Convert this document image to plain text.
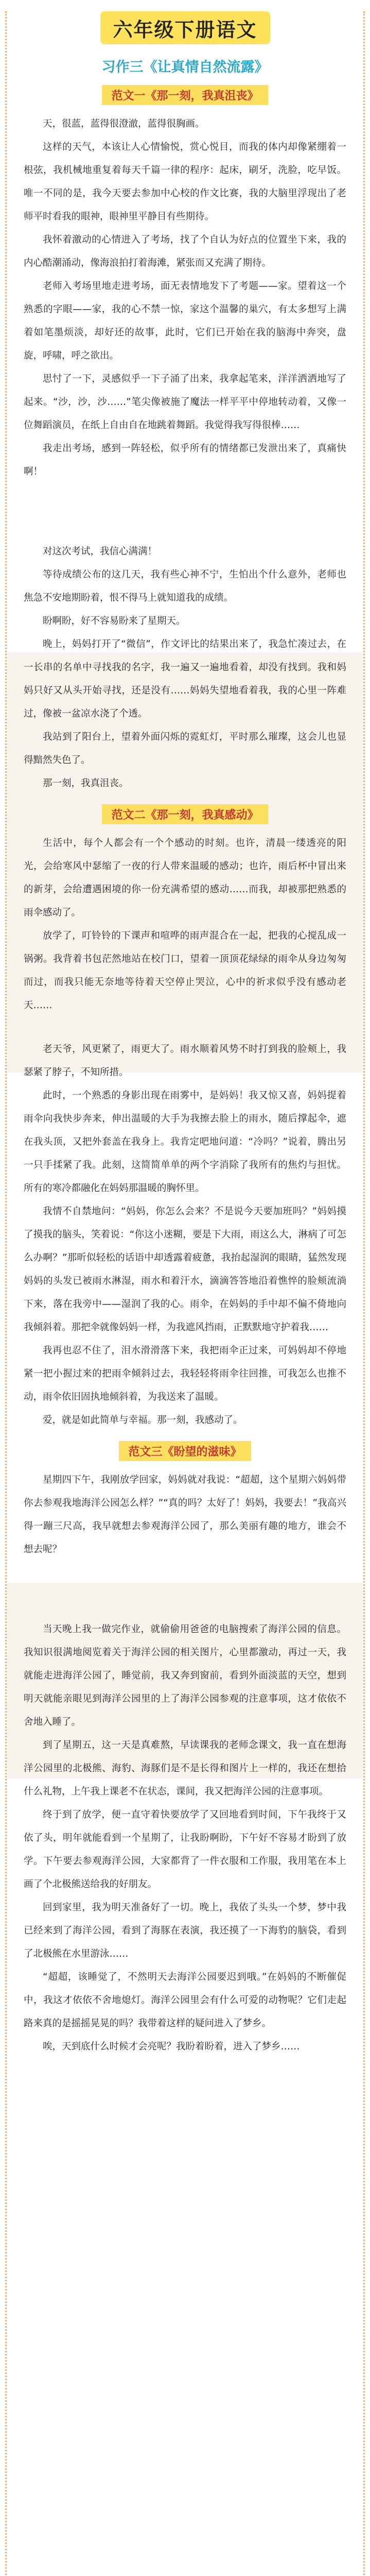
六年级下册语文
习作三《让真情自然流露》
范文一《那一刻，我真沮丧》

天，很蓝，蓝得很澄澈，蓝得很胸画。

这样的天气，本该让人心情愉悦，赏心悦目，而我的体内却像紧绷着一根弦，我机械地重复着每天千篇一律的程序：起床，刷牙，洗脸，吃早饭。唯一不同的是，我今天要去参加中心校的作文比赛，我的大脑里浮现出了老师平时看我的眼神，眼神里平静目有些期待。

我怀着激动的心情进入了考场，找了个自认为好点的位置坐下来，我的内心酷潮涌动，像海浪拍打着海滩，紧张而又充满了期待。

老师入考场里地走进考场，面无表情地发下了考题——家。望着这一个熟悉的字眼——家，我的心不禁一惊，家这个温馨的巢穴，有太多想写上满着如笔墨烦淡，却好还的故事，此时，它们已开始在我的脑海中奔突，盘旋，呼啸，呼之欲出。

思忖了一下，灵感似乎一下子涌了出来，我拿起笔来，洋洋洒洒地写了起来。“沙，沙，沙……”笔尖像被施了魔法一样平平中停地转动着，又像一位舞蹈演员，在纸上自由自在地跳着舞蹈。我觉得我写得很棒……

我走出考场，感到一阵轻松，似乎所有的情绪都已发泄出来了，真痛快啊！

对这次考试，我信心满满！

等待成绩公布的这几天，我有些心神不宁，生怕出个什么意外，老师也焦急不安地期盼着，恨不得马上就知道我的成绩。

盼啊盼，好不容易盼来了星期天。

晚上，妈妈打开了“微信”，作文评比的结果出来了，我急忙凑过去，在一长串的名单中寻找我的名字，我一遍又一遍地看着，却没有找到。我和妈妈只好又从头开始寻找，还是没有……妈妈失望地看着我，我的心里一阵难过，像被一盆凉水浇了个透。

我站到了阳台上，望着外面闪烁的霓虹灯，平时那么璀璨，这会儿也显得黯然失色了。

那一刻，我真沮丧。

范文二《那一刻，我真感动》

生活中，每个人都会有一个个感动的时刻。也许，清晨一缕透亮的阳光，会给寒风中瑟缩了一夜的行人带来温暖的感动；也许，雨后杯中冒出来的新芽，会给遭遇困境的你一份充满希望的感动……而我，却被那把熟悉的雨伞感动了。

放学了，叮铃铃的下课声和喧哗的雨声混合在一起，把我的心搅乱成一锅粥。我背着书包茫然地站在校门口，望着一顶顶花绿绿的雨伞从身边匆匆而过，而我只能无奈地等待着天空停止哭泣，心中的祈求似乎没有感动老天……

老天爷，风更紧了，雨更大了。雨水顺着风势不时打到我的脸颊上，我瑟紧了脖子，不知所措。

此时，一个熟悉的身影出现在雨雾中，是妈妈！我又惊又喜，妈妈提着雨伞向我快步奔来，伸出温暖的大手为我擦去脸上的雨水，随后撑起伞，遮在我头顶，又把外套盖在我身上。我肯定吧地问道：“冷吗？”说着，腾出另一只手揉紧了我。此刻，这简简单单的两个字消除了我所有的焦灼与担忧。所有的寒冷都融化在妈妈那温暖的胸怀里。

我情不自禁地问：“妈妈，你怎么会来？不是说今天要加班吗？”妈妈摸了摸我的脑头，笑着说：“你这小迷糊，要是下大雨，雨这么大，淋病了可怎么办啊？”那昕似轻松的话语中却透露着疲惫，我抬起湿润的眼睛，猛然发现妈妈的头发已被雨水淋湿，雨水和着汗水，滴滴答答地沿着憔悴的脸颊流淌下来，落在我旁中——湿润了我的心。雨伞，在妈妈的手中却不偏不倚地向我倾斜着。那把伞就像妈妈一样，为我遮风挡雨，正默默地守护着我……

我再也忍不住了，泪水滑滑落下来，我把雨伞正过来，可妈妈却不停地紧一把小握过来的把雨伞倾斜过去，我轻轻将雨伞往回推，可我怎么也推不动，雨伞依旧固执地倾斜着，为我送来了温暖。

爱，就是如此简单与幸福。那一刻，我感动了。

范文三《盼望的滋味》

星期四下午，我刚放学回家，妈妈就对我说：“超超，这个星期六妈妈带你去参观我地海洋公园怎么样？”“真的吗？太好了！妈妈，我要去！”我高兴得一蹦三尺高，我早就想去参观海洋公园了，那么美丽有趣的地方，谁会不想去呢？

当天晚上我一做完作业，就偷偷用爸爸的电脑搜索了海洋公园的信息。我知识很满地阅览着关于海洋公园的相关图片，心里都激动，再过一天，我就能走进海洋公园了，睡觉前，我又奔到窗前，看到外面淡蓝的天空，想到明天就能亲眼见到海洋公园里的上了海洋公园参观的注意事项，这才依依不舍地入睡了。

到了星期五，这一天是真难熬，早读课我的老师念课文，我一直在想海洋公园里的北极熊、海豹、海豚们是不是长得和图片上一样的，我还在想拾什么礼物，上午我上课老不在状态，课间，我又把海洋公园的注意事项。

终于到了放学，便一直守着快要放学了又回地看到时间，下午我终于又依了头，明年就能看到一个星期了，让我盼啊盼，下午好不容易才盼到了放学。下午要去参观海洋公园，大家都背了一件衣服和工作服，我用笔在本上画了个北极熊送给我的好朋友。

回到家里，我为明天准备好了一切。晚上，我依了头头一个梦，梦中我已经来到了海洋公园，看到了海豚在表演，我还摸了一下海豹的脑袋，看到了北极熊在水里游泳……

“超超，该睡觉了，不然明天去海洋公园要迟到哦。”在妈妈的不断催促中，我这才依依不舍地熄灯。海洋公园里会有什么可爱的动物呢？它们走起路来真的是摇摇晃晃的吗？我带着这样的疑问进入了梦乡。

唉，天到底什么时候才会亮呢？我盼着盼着，进入了梦乡……
